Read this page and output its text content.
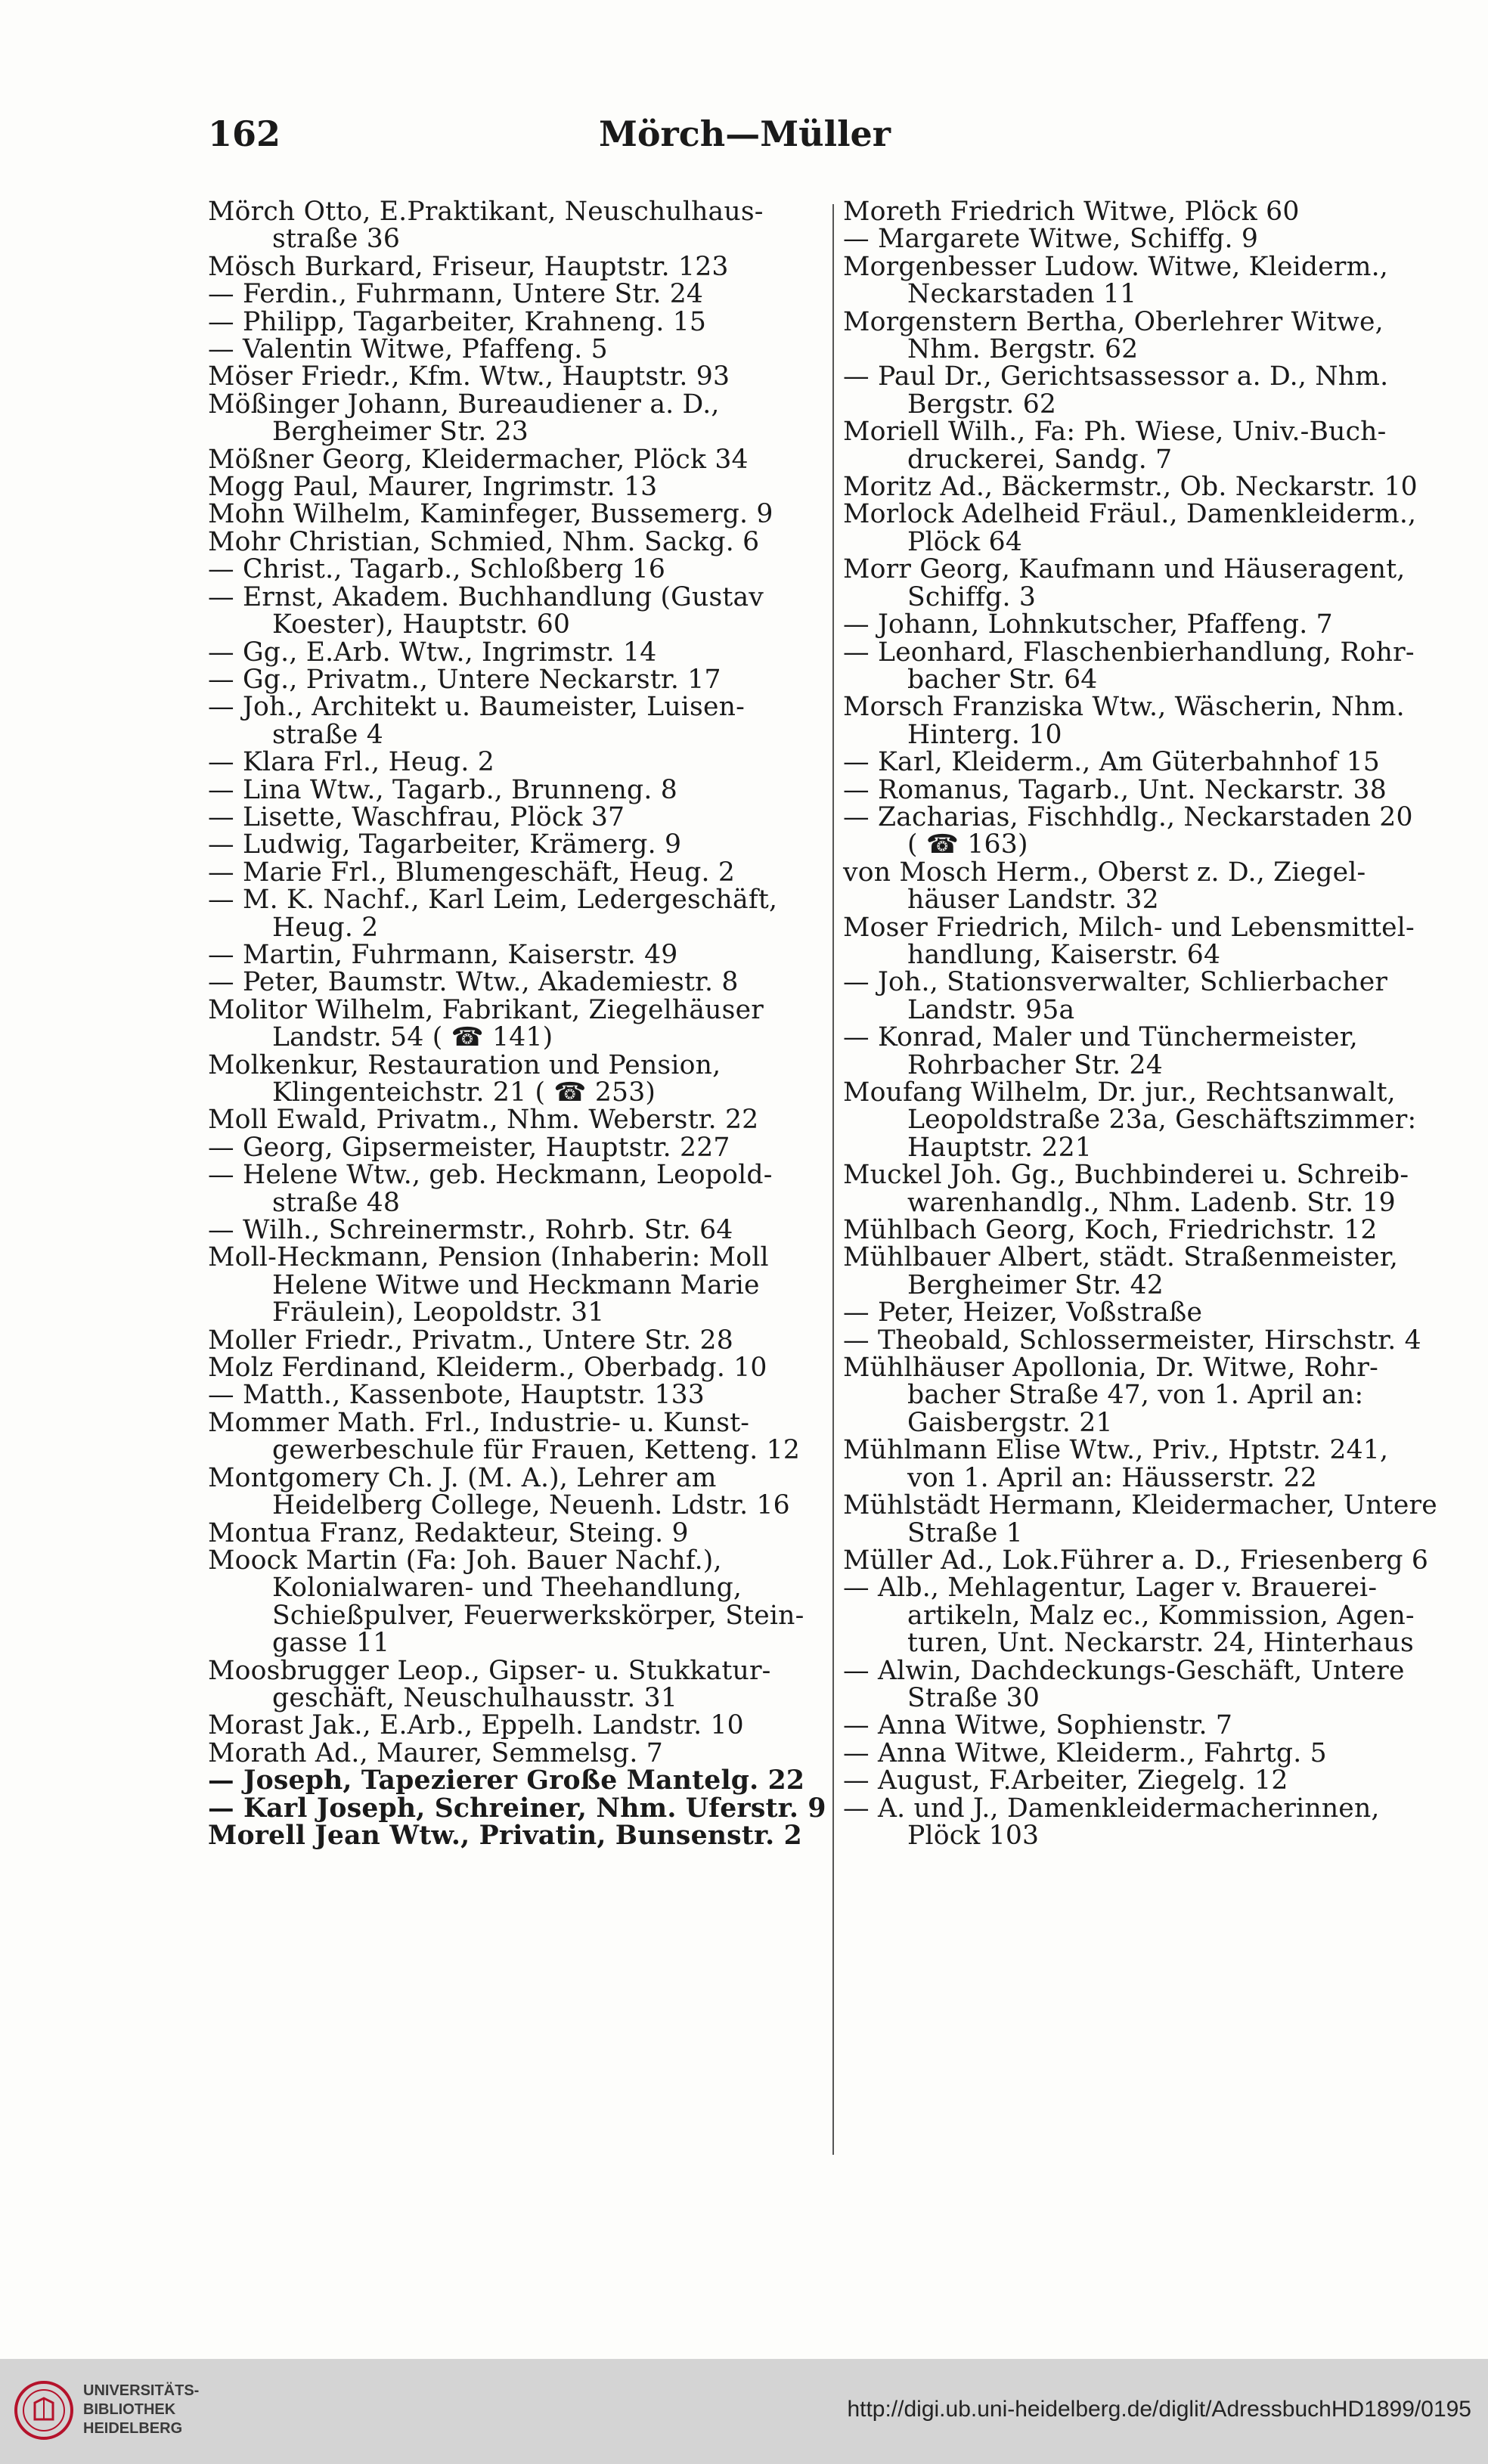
162	Mörch—Müller

Mörch Otto, E.Praktikant, Neuschulhaus-

straße 36

Mösch Burkard, Friseur, Hauptstr. 123

— Ferdin., Fuhrmann, Untere Str. 24

— Philipp, Tagarbeiter, Krahneng. 15

— Valentin Witwe, Pfaffeng. 5

Möser Friedr., Kfm. Wtw., Hauptstr. 93

Mößinger Johann, Bureaudiener a. D.,

Bergheimer Str. 23

Mößner Georg, Kleidermacher, Plöck 34

Mogg Paul, Maurer, Ingrimstr. 13

Mohn Wilhelm, Kaminfeger, Bussemerg. 9

Mohr Christian, Schmied, Nhm. Sackg. 6

— Christ., Tagarb., Schloßberg 16

— Ernst, Akadem. Buchhandlung (Gustav

Koester), Hauptstr. 60

— Gg., E.Arb. Wtw., Ingrimstr. 14

— Gg., Privatm., Untere Neckarstr. 17

— Joh., Architekt u. Baumeister, Luisen-

straße 4

— Klara Frl., Heug. 2

— Lina Wtw., Tagarb., Brunneng. 8

— Lisette, Waschfrau, Plöck 37

— Ludwig, Tagarbeiter, Krämerg. 9

— Marie Frl., Blumengeschäft, Heug. 2

— M. K. Nachf., Karl Leim, Ledergeschäft,

Heug. 2

— Martin, Fuhrmann, Kaiserstr. 49

— Peter, Baumstr. Wtw., Akademiestr. 8

Molitor Wilhelm, Fabrikant, Ziegelhäuser

Landstr. 54 ( ☎ 141)

Molkenkur, Restauration und Pension,

Klingenteichstr. 21 ( ☎ 253)

Moll Ewald, Privatm., Nhm. Weberstr. 22

— Georg, Gipsermeister, Hauptstr. 227

— Helene Wtw., geb. Heckmann, Leopold-

straße 48

— Wilh., Schreinermstr., Rohrb. Str. 64

Moll-Heckmann, Pension (Inhaberin: Moll

Helene Witwe und Heckmann Marie

Fräulein), Leopoldstr. 31

Moller Friedr., Privatm., Untere Str. 28

Molz Ferdinand, Kleiderm., Oberbadg. 10

— Matth., Kassenbote, Hauptstr. 133

Mommer Math. Frl., Industrie- u. Kunst-

gewerbeschule für Frauen, Ketteng. 12

Montgomery Ch. J. (M. A.), Lehrer am

Heidelberg College, Neuenh. Ldstr. 16

Montua Franz, Redakteur, Steing. 9

Moock Martin (Fa: Joh. Bauer Nachf.),

Kolonialwaren- und Theehandlung,

Schießpulver, Feuerwerkskörper, Stein-

gasse 11

Moosbrugger Leop., Gipser- u. Stukkatur-

geschäft, Neuschulhausstr. 31

Morast Jak., E.Arb., Eppelh. Landstr. 10

Morath Ad., Maurer, Semmelsg. 7

— Joseph, Tapezierer Große Mantelg. 22

— Karl Joseph, Schreiner, Nhm. Uferstr. 9

Morell Jean Wtw., Privatin, Bunsenstr. 2

Moreth Friedrich Witwe, Plöck 60

— Margarete Witwe, Schiffg. 9

Morgenbesser Ludow. Witwe, Kleiderm.,

Neckarstaden 11

Morgenstern Bertha, Oberlehrer Witwe,

Nhm. Bergstr. 62

— Paul Dr., Gerichtsassessor a. D., Nhm.

Bergstr. 62

Moriell Wilh., Fa: Ph. Wiese, Univ.-Buch-

druckerei, Sandg. 7

Moritz Ad., Bäckermstr., Ob. Neckarstr. 10

Morlock Adelheid Fräul., Damenkleiderm.,

Plöck 64

Morr Georg, Kaufmann und Häuseragent,

Schiffg. 3

— Johann, Lohnkutscher, Pfaffeng. 7

— Leonhard, Flaschenbierhandlung, Rohr-

bacher Str. 64

Morsch Franziska Wtw., Wäscherin, Nhm.

Hinterg. 10

— Karl, Kleiderm., Am Güterbahnhof 15

— Romanus, Tagarb., Unt. Neckarstr. 38

— Zacharias, Fischhdlg., Neckarstaden 20

( ☎ 163)

von Mosch Herm., Oberst z. D., Ziegel-

häuser Landstr. 32

Moser Friedrich, Milch- und Lebensmittel-

handlung, Kaiserstr. 64

— Joh., Stationsverwalter, Schlierbacher

Landstr. 95a

— Konrad, Maler und Tünchermeister,

Rohrbacher Str. 24

Moufang Wilhelm, Dr. jur., Rechtsanwalt,

Leopoldstraße 23a, Geschäftszimmer:

Hauptstr. 221

Muckel Joh. Gg., Buchbinderei u. Schreib-

warenhandlg., Nhm. Ladenb. Str. 19

Mühlbach Georg, Koch, Friedrichstr. 12

Mühlbauer Albert, städt. Straßenmeister,

Bergheimer Str. 42

— Peter, Heizer, Voßstraße

— Theobald, Schlossermeister, Hirschstr. 4

Mühlhäuser Apollonia, Dr. Witwe, Rohr-

bacher Straße 47, von 1. April an:

Gaisbergstr. 21

Mühlmann Elise Wtw., Priv., Hptstr. 241,

von 1. April an: Häusserstr. 22

Mühlstädt Hermann, Kleidermacher, Untere

Straße 1

Müller Ad., Lok.Führer a. D., Friesenberg 6

— Alb., Mehlagentur, Lager v. Brauerei-

artikeln, Malz ec., Kommission, Agen-

turen, Unt. Neckarstr. 24, Hinterhaus

— Alwin, Dachdeckungs-Geschäft, Untere

Straße 30

— Anna Witwe, Sophienstr. 7

— Anna Witwe, Kleiderm., Fahrtg. 5

— August, F.Arbeiter, Ziegelg. 12

— A. und J., Damenkleidermacherinnen,

Plöck 103

UNIVERSITÄTS-
BIBLIOTHEK
HEIDELBERG
http://digi.ub.uni-heidelberg.de/diglit/AdressbuchHD1899/0195
